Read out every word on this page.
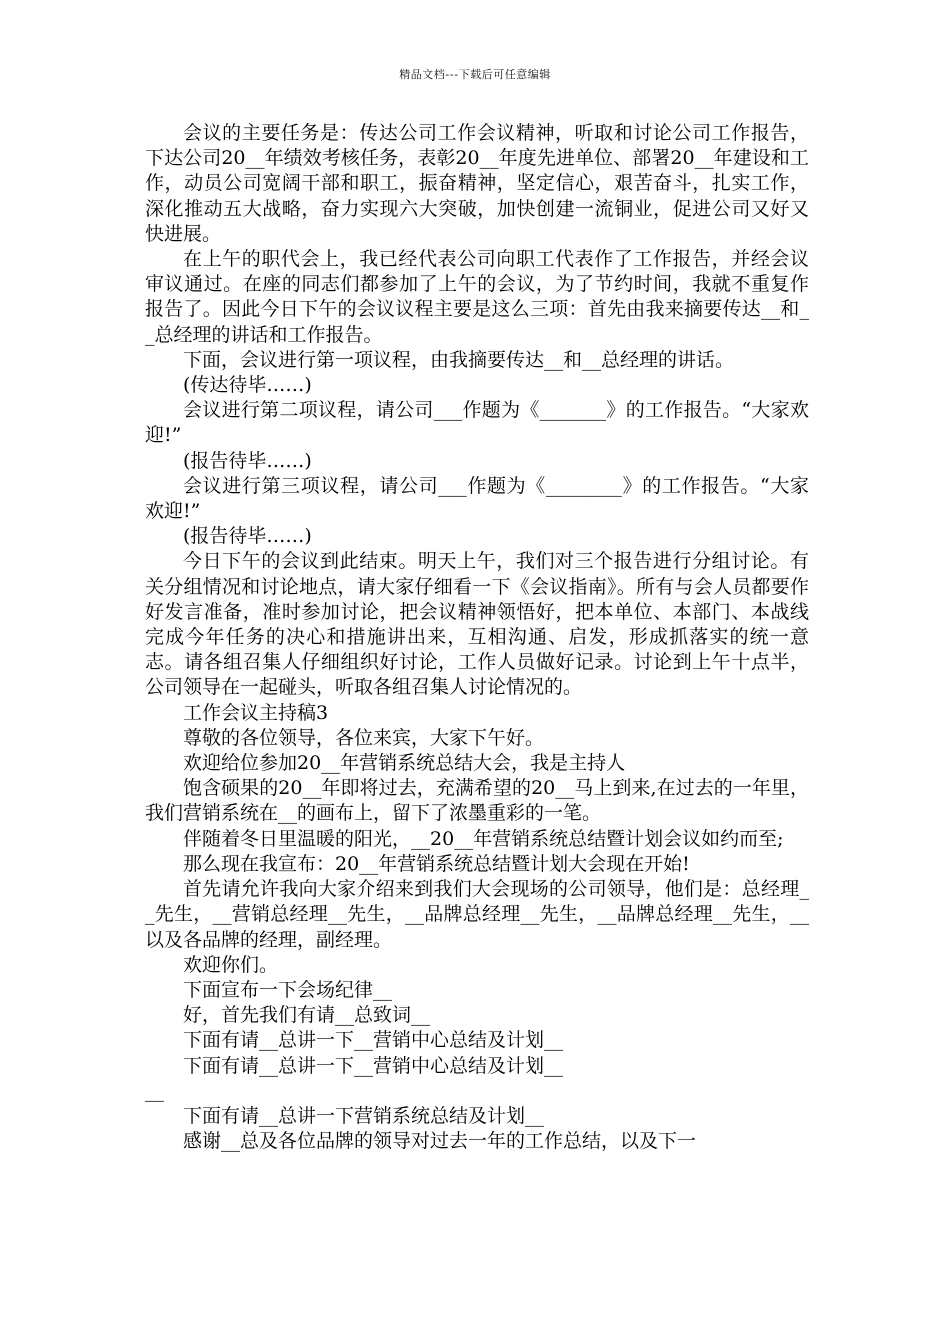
精品文档---下载后可任意编辑

会议的主要任务是：传达公司工作会议精神，听取和讨论公司工作报告，下达公司20__年绩效考核任务，表彰20__年度先进单位、部署20__年建设和工作，动员公司宽阔干部和职工，振奋精神，坚定信心，艰苦奋斗，扎实工作，深化推动五大战略，奋力实现六大突破，加快创建一流铜业，促进公司又好又快进展。

在上午的职代会上，我已经代表公司向职工代表作了工作报告，并经会议审议通过。在座的同志们都参加了上午的会议，为了节约时间，我就不重复作报告了。因此今日下午的会议议程主要是这么三项：首先由我来摘要传达__和__总经理的讲话和工作报告。

下面，会议进行第一项议程，由我摘要传达__和__总经理的讲话。

(传达待毕……)

会议进行第二项议程，请公司___作题为《_______》的工作报告。“大家欢迎!”

(报告待毕……)

会议进行第三项议程，请公司___作题为《________》的工作报告。“大家欢迎!”

(报告待毕……)

今日下午的会议到此结束。明天上午，我们对三个报告进行分组讨论。有关分组情况和讨论地点，请大家仔细看一下《会议指南》。所有与会人员都要作好发言准备，准时参加讨论，把会议精神领悟好，把本单位、本部门、本战线完成今年任务的决心和措施讲出来，互相沟通、启发，形成抓落实的统一意志。请各组召集人仔细组织好讨论，工作人员做好记录。讨论到上午十点半，公司领导在一起碰头，听取各组召集人讨论情况的。

工作会议主持稿3

尊敬的各位领导，各位来宾，大家下午好。

欢迎给位参加20__年营销系统总结大会，我是主持人

饱含硕果的20__年即将过去，充满希望的20__马上到来,在过去的一年里，我们营销系统在__的画布上，留下了浓墨重彩的一笔。

伴随着冬日里温暖的阳光，__20__年营销系统总结暨计划会议如约而至;

那么现在我宣布：20__年营销系统总结暨计划大会现在开始!

首先请允许我向大家介绍来到我们大会现场的公司领导，他们是：总经理__先生，__营销总经理__先生，__品牌总经理__先生，__品牌总经理__先生，__以及各品牌的经理，副经理。

欢迎你们。

下面宣布一下会场纪律__

好，首先我们有请__总致词__

下面有请__总讲一下__营销中心总结及计划__

下面有请__总讲一下__营销中心总结及计划__
__

下面有请__总讲一下营销系统总结及计划__

感谢__总及各位品牌的领导对过去一年的工作总结，以及下一
